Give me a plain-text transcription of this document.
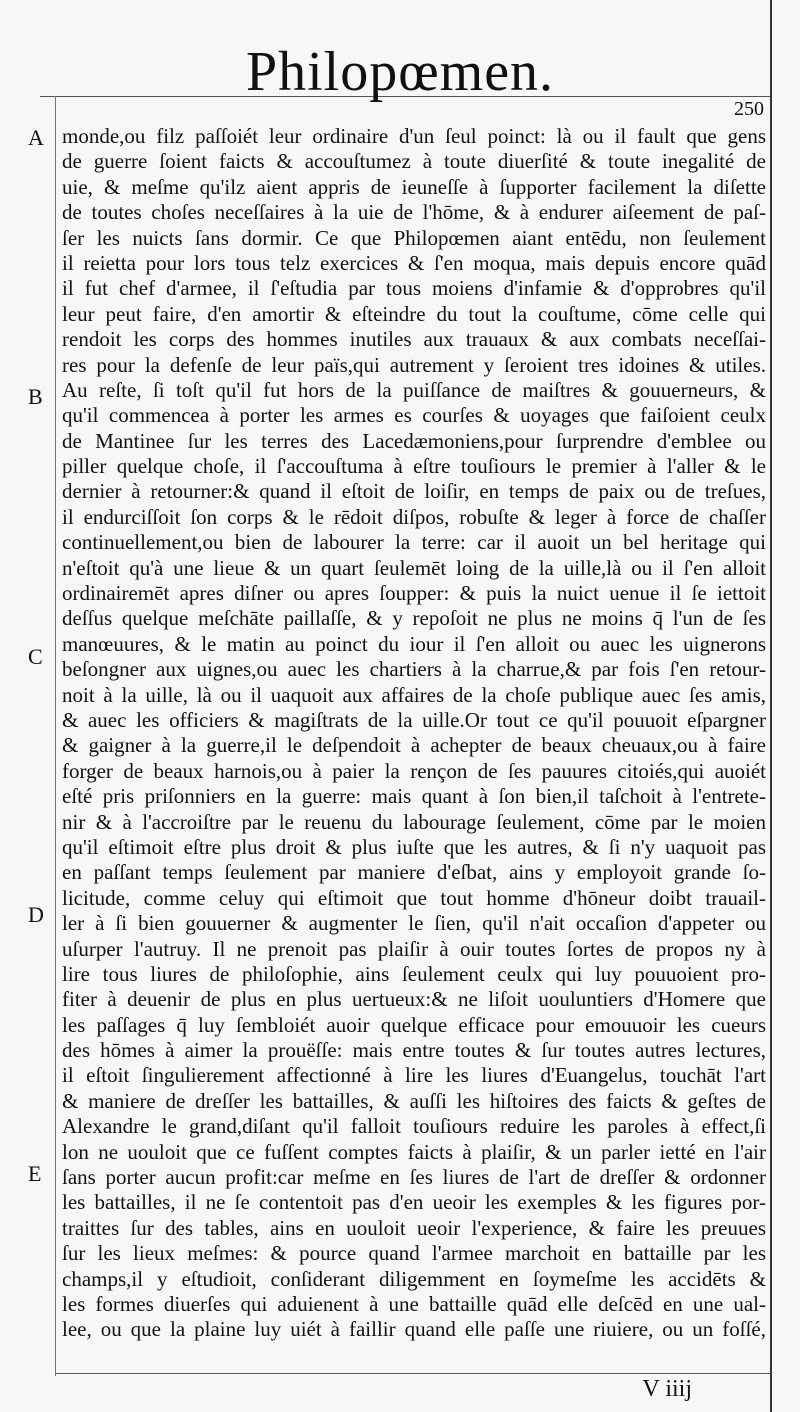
Philopœmen.
250
A
B
C
D
E
monde,ou filz paſſoiét leur ordinaire d'un ſeul poinct: là ou il fault que gens
de guerre ſoient faicts & accouſtumez à toute diuerſité & toute inegalité de
uie, & meſme qu'ilz aient appris de ieuneſſe à ſupporter facilement la diſette
de toutes choſes neceſſaires à la uie de l'hōme, & à endurer aiſeement de paſ-
ſer les nuicts ſans dormir. Ce que Philopœmen aiant entēdu, non ſeulement
il reietta pour lors tous telz exercices & ſ'en moqua, mais depuis encore quād
il fut chef d'armee, il ſ'eſtudia par tous moiens d'infamie & d'opprobres qu'il
leur peut faire, d'en amortir & eſteindre du tout la couſtume, cōme celle qui
rendoit les corps des hommes inutiles aux trauaux & aux combats neceſſai-
res pour la defenſe de leur païs,qui autrement y ſeroient tres idoines & utiles.
Au reſte, ſi toſt qu'il fut hors de la puiſſance de maiſtres & gouuerneurs, &
qu'il commencea à porter les armes es courſes & uoyages que faiſoient ceulx
de Mantinee ſur les terres des Lacedæmoniens,pour ſurprendre d'emblee ou
piller quelque choſe, il ſ'accouſtuma à eſtre touſiours le premier à l'aller & le
dernier à retourner:& quand il eſtoit de loiſir, en temps de paix ou de treſues,
il endurciſſoit ſon corps & le rēdoit diſpos, robuſte & leger à force de chaſſer
continuellement,ou bien de labourer la terre: car il auoit un bel heritage qui
n'eſtoit qu'à une lieue & un quart ſeulemēt loing de la uille,là ou il ſ'en alloit
ordinairemēt apres diſner ou apres ſoupper: & puis la nuict uenue il ſe iettoit
deſſus quelque meſchāte paillaſſe, & y repoſoit ne plus ne moins q̄ l'un de ſes
manœuures, & le matin au poinct du iour il ſ'en alloit ou auec les uignerons
beſongner aux uignes,ou auec les chartiers à la charrue,& par fois ſ'en retour-
noit à la uille, là ou il uaquoit aux affaires de la choſe publique auec ſes amis,
& auec les officiers & magiſtrats de la uille.Or tout ce qu'il pouuoit eſpargner
& gaigner à la guerre,il le deſpendoit à achepter de beaux cheuaux,ou à faire
forger de beaux harnois,ou à paier la rençon de ſes pauures citoiés,qui auoiét
eſté pris priſonniers en la guerre: mais quant à ſon bien,il taſchoit à l'entrete-
nir & à l'accroiſtre par le reuenu du labourage ſeulement, cōme par le moien
qu'il eſtimoit eſtre plus droit & plus iuſte que les autres, & ſi n'y uaquoit pas
en paſſant temps ſeulement par maniere d'eſbat, ains y employoit grande ſo-
licitude, comme celuy qui eſtimoit que tout homme d'hōneur doibt trauail-
ler à ſi bien gouuerner & augmenter le ſien, qu'il n'ait occaſion d'appeter ou
uſurper l'autruy. Il ne prenoit pas plaiſir à ouir toutes ſortes de propos ny à
lire tous liures de philoſophie, ains ſeulement ceulx qui luy pouuoient pro-
fiter à deuenir de plus en plus uertueux:& ne liſoit uouluntiers d'Homere que
les paſſages q̄ luy ſembloiét auoir quelque efficace pour emouuoir les cueurs
des hōmes à aimer la prouëſſe: mais entre toutes & ſur toutes autres lectures,
il eſtoit ſingulierement affectionné à lire les liures d'Euangelus, touchāt l'art
& maniere de dreſſer les battailles, & auſſi les hiſtoires des faicts & geſtes de
Alexandre le grand,diſant qu'il falloit touſiours reduire les paroles à effect,ſi
lon ne uouloit que ce fuſſent comptes faicts à plaiſir, & un parler ietté en l'air
ſans porter aucun profit:car meſme en ſes liures de l'art de dreſſer & ordonner
les battailles, il ne ſe contentoit pas d'en ueoir les exemples & les figures por-
traittes ſur des tables, ains en uouloit ueoir l'experience, & faire les preuues
ſur les lieux meſmes: & pource quand l'armee marchoit en battaille par les
champs,il y eſtudioit, conſiderant diligemment en ſoymeſme les accidēts &
les formes diuerſes qui aduienent à une battaille quād elle deſcēd en une ual-
lee, ou que la plaine luy uiét à faillir quand elle paſſe une riuiere, ou un foſſé,
V iiij
